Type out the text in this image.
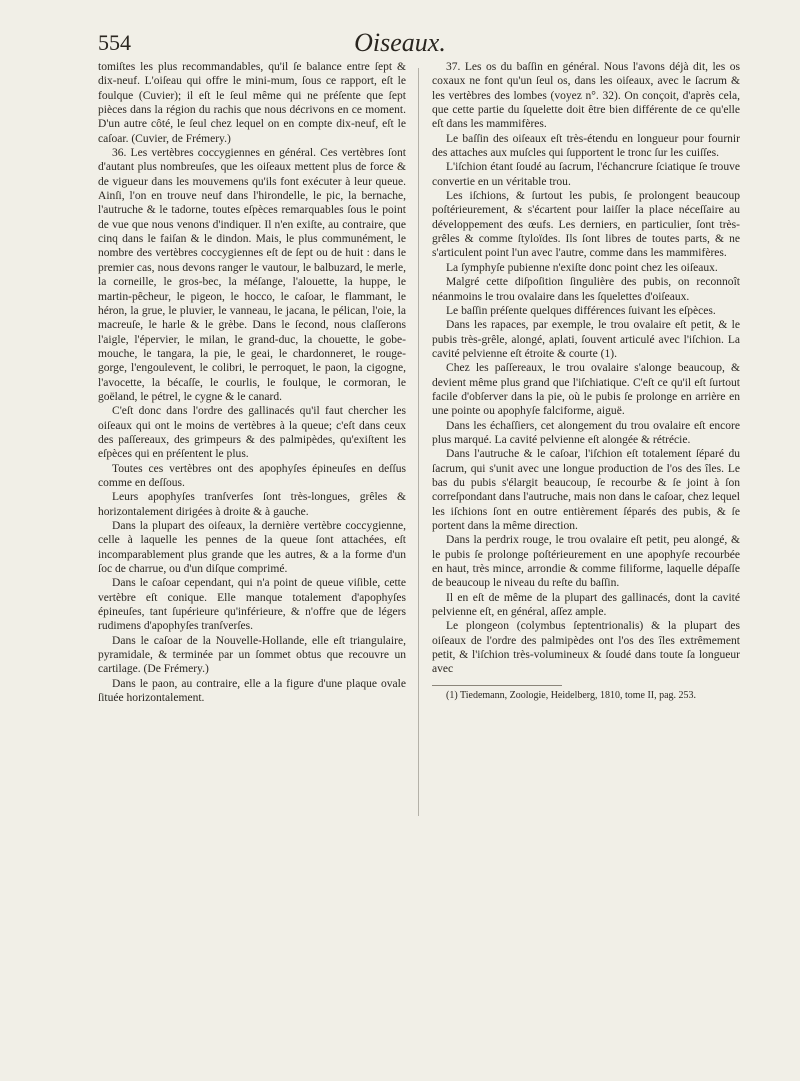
554	Oiseaux.

tomiſtes les plus recommandables, qu'il ſe balance entre ſept & dix-neuf. L'oiſeau qui offre le mini-mum, ſous ce rapport, eſt le foulque (Cuvier); il eſt le ſeul même qui ne préſente que ſept pièces dans la région du rachis que nous décrivons en ce moment. D'un autre côté, le ſeul chez lequel on en compte dix-neuf, eſt le caſoar. (Cuvier, de Frémery.)

36. Les vertèbres coccygiennes en général. Ces vertèbres ſont d'autant plus nombreuſes, que les oiſeaux mettent plus de force & de vigueur dans les mouvemens qu'ils font exécuter à leur queue. Ainſi, l'on en trouve neuf dans l'hirondelle, le pic, la bernache, l'autruche & le tadorne, toutes eſpèces remarquables ſous le point de vue que nous venons d'indiquer. Il n'en exiſte, au contraire, que cinq dans le faiſan & le dindon. Mais, le plus communément, le nombre des vertèbres coccygiennes eſt de ſept ou de huit : dans le premier cas, nous devons ranger le vautour, le balbuzard, le merle, la corneille, le gros-bec, la méſange, l'alouette, la huppe, le martin-pêcheur, le pigeon, le hocco, le caſoar, le flammant, le héron, la grue, le pluvier, le vanneau, le jacana, le pélican, l'oie, la macreuſe, le harle & le grèbe. Dans le ſecond, nous claſſerons l'aigle, l'épervier, le milan, le grand-duc, la chouette, le gobe-mouche, le tangara, la pie, le geai, le chardonneret, le rouge-gorge, l'engoulevent, le colibri, le perroquet, le paon, la cigogne, l'avocette, la bécaſſe, le courlis, le foulque, le cormoran, le goëland, le pétrel, le cygne & le canard.

C'eſt donc dans l'ordre des gallinacés qu'il faut chercher les oiſeaux qui ont le moins de vertèbres à la queue; c'eſt dans ceux des paſſereaux, des grimpeurs & des palmipèdes, qu'exiſtent les eſpèces qui en préſentent le plus.

Toutes ces vertèbres ont des apophyſes épineuſes en deſſus comme en deſſous.

Leurs apophyſes tranſverſes ſont très-longues, grêles & horizontalement dirigées à droite & à gauche.

Dans la plupart des oiſeaux, la dernière vertèbre coccygienne, celle à laquelle les pennes de la queue ſont attachées, eſt incomparablement plus grande que les autres, & a la forme d'un ſoc de charrue, ou d'un diſque comprimé.

Dans le caſoar cependant, qui n'a point de queue viſible, cette vertèbre eſt conique. Elle manque totalement d'apophyſes épineuſes, tant ſupérieure qu'inférieure, & n'offre que de légers rudimens d'apophyſes tranſverſes.

Dans le caſoar de la Nouvelle-Hollande, elle eſt triangulaire, pyramidale, & terminée par un ſommet obtus que recouvre un cartilage. (De Frémery.)

Dans le paon, au contraire, elle a la figure d'une plaque ovale ſituée horizontalement.

37. Les os du baſſin en général. Nous l'avons déjà dit, les os coxaux ne font qu'un ſeul os, dans les oiſeaux, avec le ſacrum & les vertèbres des lombes (voyez n°. 32). On conçoit, d'après cela, que cette partie du ſquelette doit être bien différente de ce qu'elle eſt dans les mammifères.

Le baſſin des oiſeaux eſt très-étendu en longueur pour fournir des attaches aux muſcles qui ſupportent le tronc ſur les cuiſſes.

L'iſchion étant ſoudé au ſacrum, l'échancrure ſciatique ſe trouve convertie en un véritable trou.

Les iſchions, & ſurtout les pubis, ſe prolongent beaucoup poſtérieurement, & s'écartent pour laiſſer la place néceſſaire au développement des œufs. Les derniers, en particulier, ſont très-grêles & comme ſtyloïdes. Ils ſont libres de toutes parts, & ne s'articulent point l'un avec l'autre, comme dans les mammifères.

La ſymphyſe pubienne n'exiſte donc point chez les oiſeaux.

Malgré cette diſpoſition ſingulière des pubis, on reconnoît néanmoins le trou ovalaire dans les ſquelettes d'oiſeaux.

Le baſſin préſente quelques différences ſuivant les eſpèces.

Dans les rapaces, par exemple, le trou ovalaire eſt petit, & le pubis très-grêle, alongé, aplati, ſouvent articulé avec l'iſchion. La cavité pelvienne eſt étroite & courte (1).

Chez les paſſereaux, le trou ovalaire s'alonge beaucoup, & devient même plus grand que l'iſchiatique. C'eſt ce qu'il eſt ſurtout facile d'obſerver dans la pie, où le pubis ſe prolonge en arrière en une pointe ou apophyſe falciforme, aiguë.

Dans les échaſſiers, cet alongement du trou ovalaire eſt encore plus marqué. La cavité pelvienne eſt alongée & rétrécie.

Dans l'autruche & le caſoar, l'iſchion eſt totalement ſéparé du ſacrum, qui s'unit avec une longue production de l'os des îles. Le bas du pubis s'élargit beaucoup, ſe recourbe & ſe joint à ſon correſpondant dans l'autruche, mais non dans le caſoar, chez lequel les iſchions ſont en outre entièrement ſéparés des pubis, & ſe portent dans la même direction.

Dans la perdrix rouge, le trou ovalaire eſt petit, peu alongé, & le pubis ſe prolonge poſtérieurement en une apophyſe recourbée en haut, très mince, arrondie & comme filiforme, laquelle dépaſſe de beaucoup le niveau du reſte du baſſin.

Il en eſt de même de la plupart des gallinacés, dont la cavité pelvienne eſt, en général, aſſez ample.

Le plongeon (colymbus ſeptentrionalis) & la plupart des oiſeaux de l'ordre des palmipèdes ont l'os des îles extrêmement petit, & l'iſchion très-volumineux & ſoudé dans toute ſa longueur avec

(1) Tiedemann, Zoologie, Heidelberg, 1810, tome II, pag. 253.
